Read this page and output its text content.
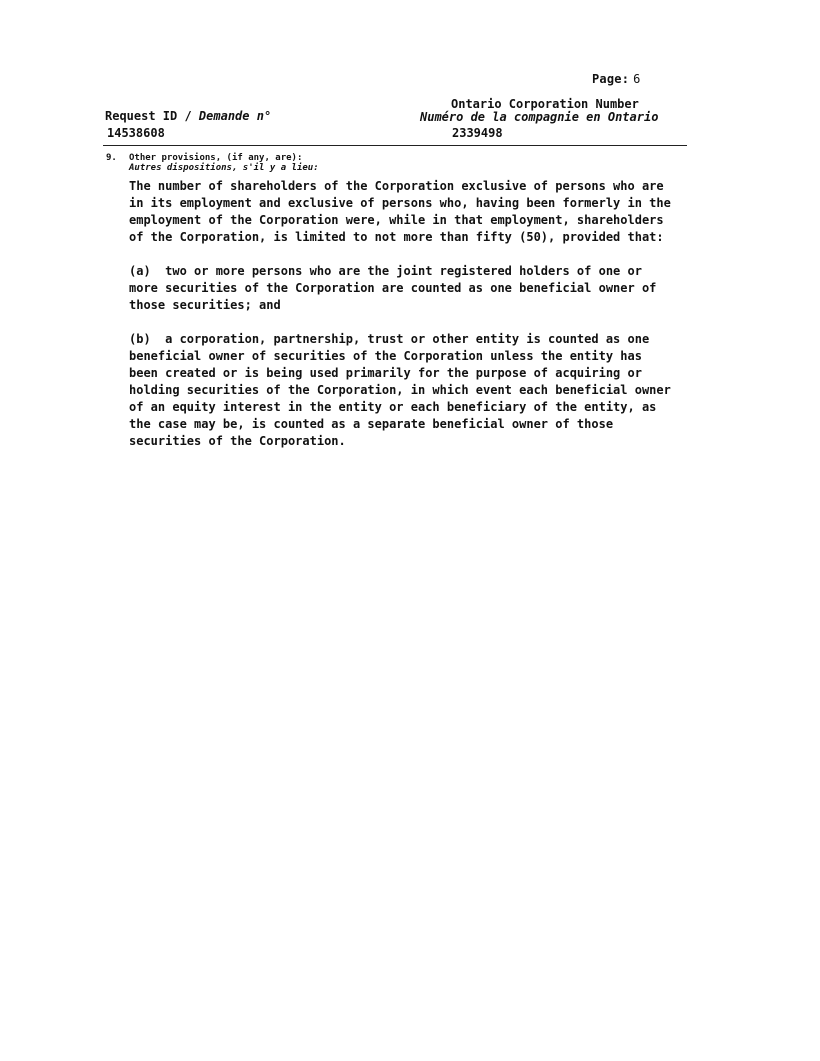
Page: 6
Request ID / Demande n°
14538608
Ontario Corporation Number
Numéro de la compagnie en Ontario
2339498
9. Other provisions, (if any, are):
Autres dispositions, s'il y a lieu:
The number of shareholders of the Corporation exclusive of persons who are
in its employment and exclusive of persons who, having been formerly in the
employment of the Corporation were, while in that employment, shareholders
of the Corporation, is limited to not more than fifty (50), provided that:
(a)  two or more persons who are the joint registered holders of one or
more securities of the Corporation are counted as one beneficial owner of
those securities; and
(b)  a corporation, partnership, trust or other entity is counted as one
beneficial owner of securities of the Corporation unless the entity has
been created or is being used primarily for the purpose of acquiring or
holding securities of the Corporation, in which event each beneficial owner
of an equity interest in the entity or each beneficiary of the entity, as
the case may be, is counted as a separate beneficial owner of those
securities of the Corporation.
